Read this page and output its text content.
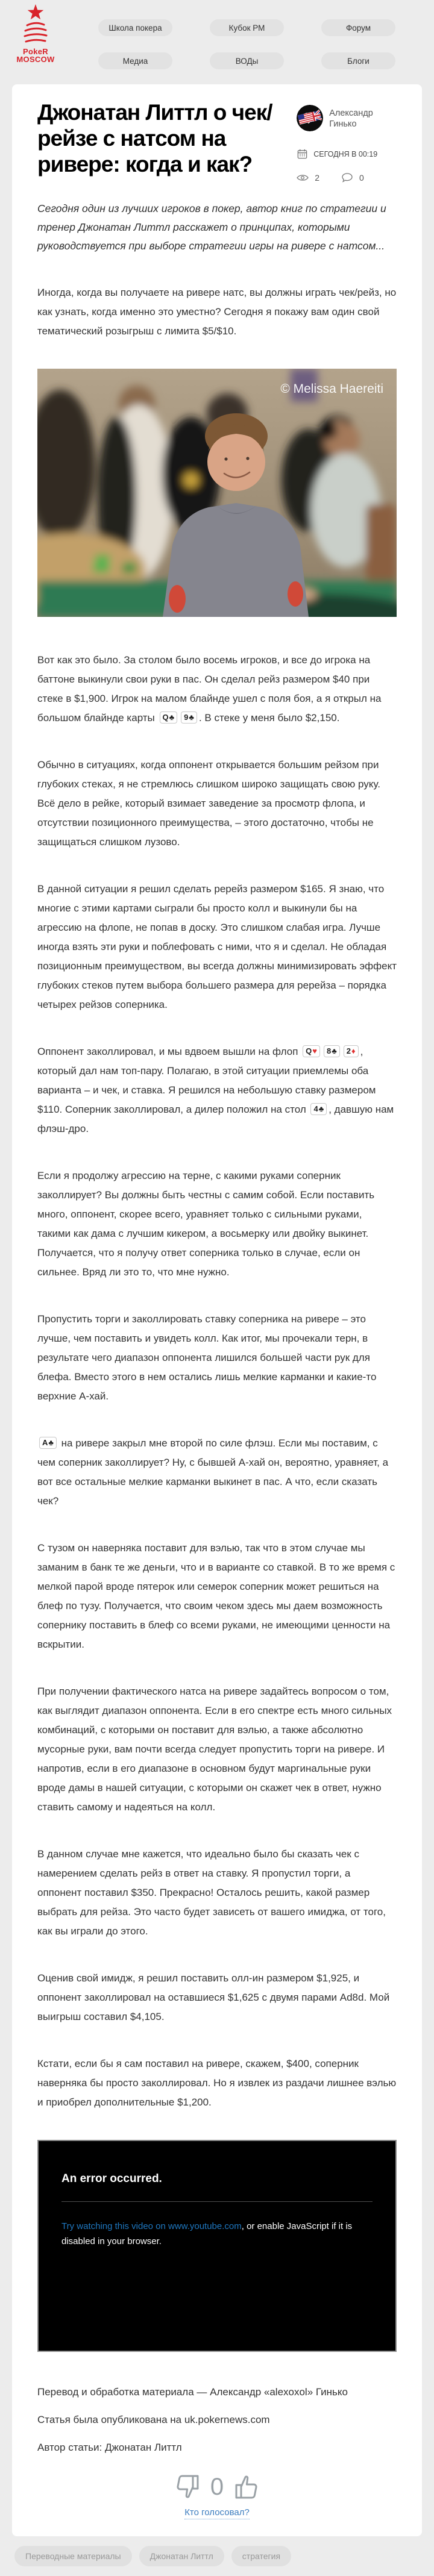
PokeR
MOSCOW
Школа покера	Кубок РМ	Форум
Медиа	ВОДы	Блоги
Джонатан Литтл о чек/рейзе с натсом на ривере: когда и как?
Александр Гинько
СЕГОДНЯ В 00:19
2	0

Сегодня один из лучших игроков в покер, автор книг по стратегии и тренер Джонатан Литтл расскажет о принципах, которыми руководствуется при выборе стратегии игры на ривере с натсом...

Иногда, когда вы получаете на ривере натс, вы должны играть чек/рейз, но как узнать, когда именно это уместно? Сегодня я покажу вам один свой тематический розыгрыш с лимита $5/$10.

© Melissa Haereiti

Вот как это было. За столом было восемь игроков, и все до игрока на баттоне выкинули свои руки в пас. Он сделал рейз размером $40 при стеке в $1,900. Игрок на малом блайнде ушел с поля боя, а я открыл на большом блайнде карты Q♣ 9♣ . В стеке у меня было $2,150.

Обычно в ситуациях, когда оппонент открывается большим рейзом при глубоких стеках, я не стремлюсь слишком широко защищать свою руку. Всё дело в рейке, который взимает заведение за просмотр флопа, и отсутствии позиционного преимущества, – этого достаточно, чтобы не защищаться слишком лузово.

В данной ситуации я решил сделать ререйз размером $165. Я знаю, что многие с этими картами сыграли бы просто колл и выкинули бы на агрессию на флопе, не попав в доску. Это слишком слабая игра. Лучше иногда взять эти руки и поблефовать с ними, что я и сделал. Не обладая позиционным преимуществом, вы всегда должны минимизировать эффект глубоких стеков путем выбора большего размера для ререйза – порядка четырех рейзов соперника.

Оппонент заколлировал, и мы вдвоем вышли на флоп Q♥ 8♣ 2♦ , который дал нам топ-пару. Полагаю, в этой ситуации приемлемы оба варианта – и чек, и ставка. Я решился на небольшую ставку размером $110. Соперник заколлировал, а дилер положил на стол 4♣ , давшую нам флэш-дро.

Если я продолжу агрессию на терне, с какими руками соперник заколлирует? Вы должны быть честны с самим собой. Если поставить много, оппонент, скорее всего, уравняет только с сильными руками, такими как дама с лучшим кикером, а восьмерку или двойку выкинет. Получается, что я получу ответ соперника только в случае, если он сильнее. Вряд ли это то, что мне нужно.

Пропустить торги и заколлировать ставку соперника на ривере – это лучше, чем поставить и увидеть колл. Как итог, мы прочекали терн, в результате чего диапазон оппонента лишился большей части рук для блефа. Вместо этого в нем остались лишь мелкие карманки и какие-то верхние А-хай.

A♣ на ривере закрыл мне второй по силе флэш. Если мы поставим, с чем соперник заколлирует? Ну, с бывшей А-хай он, вероятно, уравняет, а вот все остальные мелкие карманки выкинет в пас. А что, если сказать чек?

С тузом он наверняка поставит для вэлью, так что в этом случае мы заманим в банк те же деньги, что и в варианте со ставкой. В то же время с мелкой парой вроде пятерок или семерок соперник может решиться на блеф по тузу. Получается, что своим чеком здесь мы даем возможность сопернику поставить в блеф со всеми руками, не имеющими ценности на вскрытии.

При получении фактического натса на ривере задайтесь вопросом о том, как выглядит диапазон оппонента. Если в его спектре есть много сильных комбинаций, с которыми он поставит для вэлью, а также абсолютно мусорные руки, вам почти всегда следует пропустить торги на ривере. И напротив, если в его диапазоне в основном будут маргинальные руки вроде дамы в нашей ситуации, с которыми он скажет чек в ответ, нужно ставить самому и надеяться на колл.

В данном случае мне кажется, что идеально было бы сказать чек с намерением сделать рейз в ответ на ставку. Я пропустил торги, а оппонент поставил $350. Прекрасно! Осталось решить, какой размер выбрать для рейза. Это часто будет зависеть от вашего имиджа, от того, как вы играли до этого.

Оценив свой имидж, я решил поставить олл-ин размером $1,925, и оппонент заколлировал на оставшиеся $1,625 с двумя парами Ad8d. Мой выигрыш составил $4,105.

Кстати, если бы я сам поставил на ривере, скажем, $400, соперник наверняка бы просто заколлировал. Но я извлек из раздачи лишнее вэлью и приобрел дополнительные $1,200.

An error occurred.

Try watching this video on www.youtube.com, or enable JavaScript if it is disabled in your browser.

Перевод и обработка материала — Александр «alexoxol» Гинько

Статья была опубликована на uk.pokernews.com

Автор статьи: Джонатан Литтл

0
Кто голосовал?
Переводные материалы	Джонатан Литтл	стратегия
